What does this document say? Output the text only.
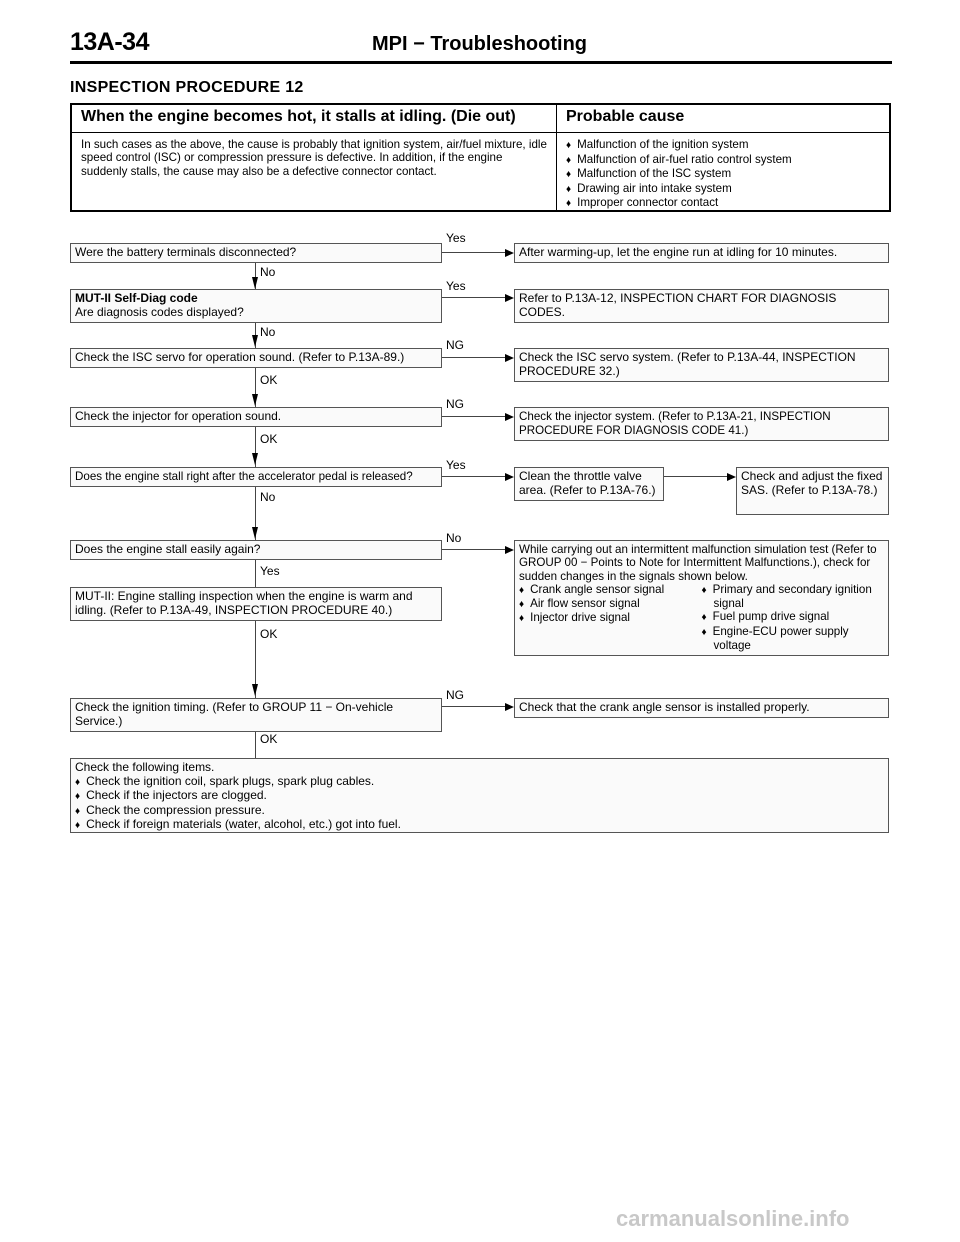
13A-34	MPI − Troubleshooting
INSPECTION PROCEDURE 12
When the engine becomes hot, it stalls at idling. (Die out)	Probable cause
In such cases as the above, the cause is probably that ignition system, air/fuel mixture, idle speed control (ISC) or compression pressure is defective. In addition, if the engine suddenly stalls, the cause may also be a defective connector contact.
♦ Malfunction of the ignition system
♦ Malfunction of air-fuel ratio control system
♦ Malfunction of the ISC system
♦ Drawing air into intake system
♦ Improper connector contact
Were the battery terminals disconnected?
Yes
After warming-up, let the engine run at idling for 10 minutes.
No
MUT-II Self-Diag code
Are diagnosis codes displayed?
Yes
Refer to P.13A-12, INSPECTION CHART FOR DIAGNOSIS CODES.
No
Check the ISC servo for operation sound. (Refer to P.13A-89.)
NG
Check the ISC servo system. (Refer to P.13A-44, INSPECTION PROCEDURE 32.)
OK
Check the injector for operation sound.
NG
Check the injector system. (Refer to P.13A-21, INSPECTION PROCEDURE FOR DIAGNOSIS CODE 41.)
OK
Does the engine stall right after the accelerator pedal is released?
Yes
Clean the throttle valve area. (Refer to P.13A-76.)
Check and adjust the fixed SAS. (Refer to P.13A-78.)
No
Does the engine stall easily again?
No
While carrying out an intermittent malfunction simulation test (Refer to GROUP 00 − Points to Note for Intermittent Malfunctions.), check for sudden changes in the signals shown below.
♦ Crank angle sensor signal
♦ Air flow sensor signal
♦ Injector drive signal
♦ Primary and secondary ignition signal
♦ Fuel pump drive signal
♦ Engine-ECU power supply voltage
Yes
MUT-II: Engine stalling inspection when the engine is warm and idling. (Refer to P.13A-49, INSPECTION PROCEDURE 40.)
OK
Check the ignition timing. (Refer to GROUP 11 − On-vehicle Service.)
NG
Check that the crank angle sensor is installed properly.
OK
Check the following items.
♦ Check the ignition coil, spark plugs, spark plug cables.
♦ Check if the injectors are clogged.
♦ Check the compression pressure.
♦ Check if foreign materials (water, alcohol, etc.) got into fuel.
carmanualsonline.info
